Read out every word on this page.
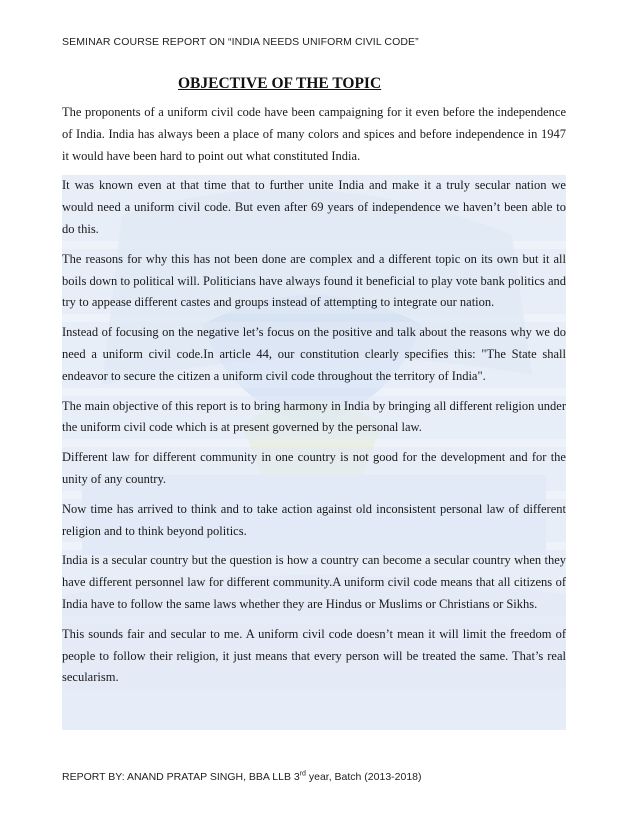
SEMINAR COURSE REPORT ON “INDIA NEEDS UNIFORM CIVIL CODE”
OBJECTIVE OF THE TOPIC

The proponents of a uniform civil code have been campaigning for it even before the independence of India. India has always been a place of many colors and spices and before independence in 1947 it would have been hard to point out what constituted India.

It was known even at that time that to further unite India and make it a truly secular nation we would need a uniform civil code. But even after 69 years of independence we haven’t been able to do this.

The reasons for why this has not been done are complex and a different topic on its own but it all boils down to political will. Politicians have always found it beneficial to play vote bank politics and try to appease different castes and groups instead of attempting to integrate our nation.

Instead of focusing on the negative let’s focus on the positive and talk about the reasons why we do need a uniform civil code.In article 44, our constitution clearly specifies this: "The State shall endeavor to secure the citizen a uniform civil code throughout the territory of India".

The main objective of this report is to bring harmony in India by bringing all different religion under the uniform civil code which is at present governed by the personal law.

Different law for different community in one country is not good for the development and for the unity of any country.

Now time has arrived to think and to take action against old inconsistent personal law of different religion and to think beyond politics.

India is a secular country but the question is how a country can become a secular country when they have different personnel law for different community.A uniform civil code means that all citizens of India have to follow the same laws whether they are Hindus or Muslims or Christians or Sikhs.

This sounds fair and secular to me. A uniform civil code doesn’t mean it will limit the freedom of people to follow their religion, it just means that every person will be treated the same. That’s real secularism.

REPORT BY: ANAND PRATAP SINGH, BBA LLB 3rd year, Batch (2013-2018)
